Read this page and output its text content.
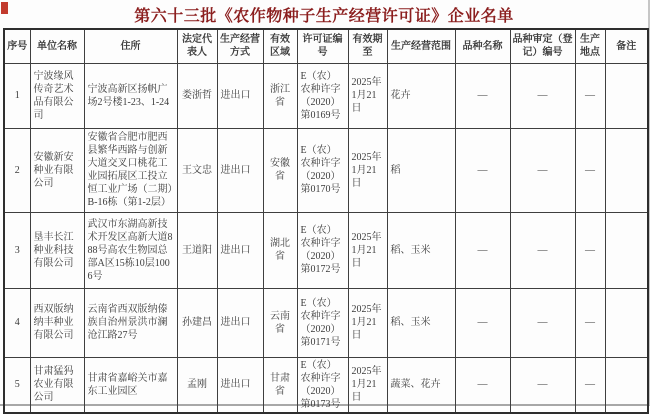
第六十三批《农作物种子生产经营许可证》企业名单
序号	单位名称	住所	法定代表人	生产经营方式	有效区域	许可证编号	有效期至	生产经营范围	品种名称	品种审定（登记）编号	生产地点	备注
1	宁波缘风传奇艺术品有限公司	宁波高新区扬帆广场2号楼1-23、1-24	娄浙哲	进出口	浙江省	E（农）农种许字（2020）第0169号	2025年1月21日	花卉	—	—	—	
2	安徽新安种业有限公司	安徽省合肥市肥西县繁华西路与创新大道交叉口桃花工业园拓展区工投立恒工业广场（二期）B-16栋（第1-2层）	王文忠	进出口	安徽省	E（农）农种许字（2020）第0170号	2025年1月21日	稻	—	—	—	
3	垦丰长江种业科技有限公司	武汉市东湖高新技术开发区高新大道888号高农生物园总部A区15栋10层1006号	王道阳	进出口	湖北省	E（农）农种许字（2020）第0172号	2025年1月21日	稻、玉米	—	—	—	
4	西双版纳纳丰种业有限公司	云南省西双版纳傣族自治州景洪市澜沧江路27号	孙建昌	进出口	云南省	E（农）农种许字（2020）第0171号	2025年1月21日	稻、玉米	—	—	—	
5	甘肃猛犸农业有限公司	甘肃省嘉峪关市嘉东工业园区	孟刚	进出口	甘肃省	E（农）农种许字（2020）第0173号	2025年1月21日	蔬菜、花卉	—	—	—	
